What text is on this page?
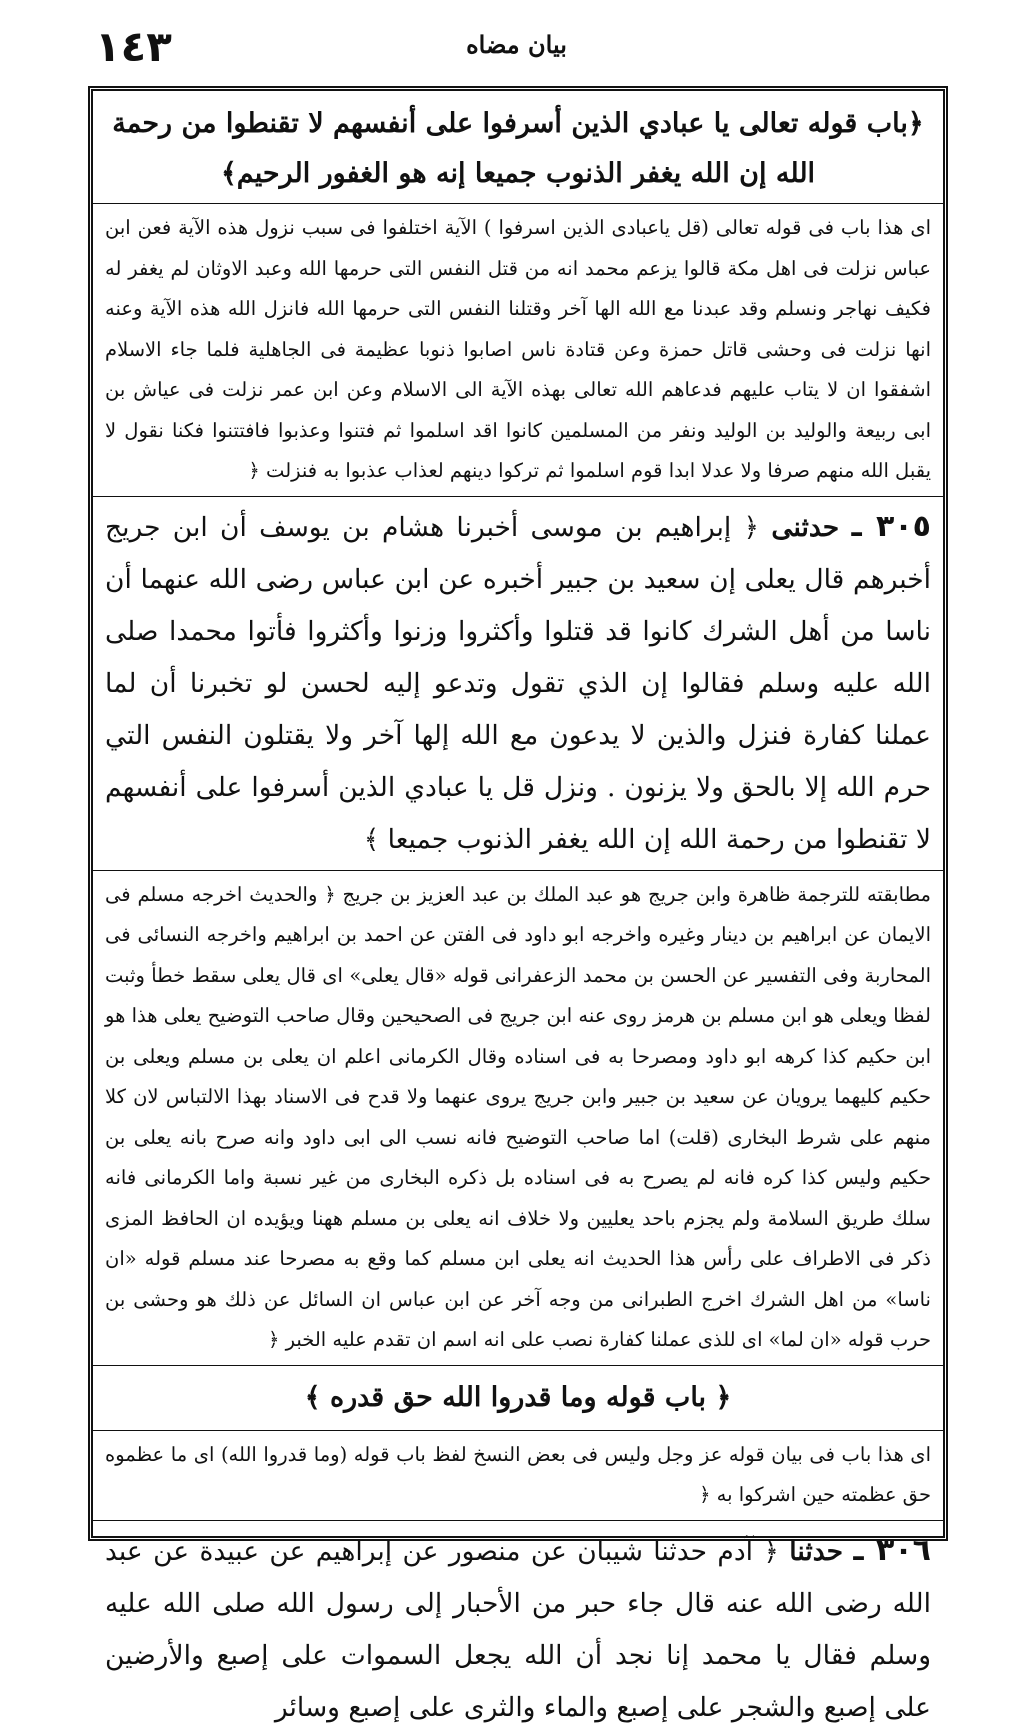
١٤٣	بيان مضاه

﴿باب قوله تعالى يا عبادي الذين أسرفوا على أنفسهم لا تقنطوا من رحمة الله إن الله يغفر الذنوب جميعا إنه هو الغفور الرحيم﴾

اى هذا باب فى قوله تعالى (قل ياعبادى الذين اسرفوا ) الآية اختلفوا فى سبب نزول هذه الآية فعن ابن عباس نزلت فى اهل مكة قالوا يزعم محمد انه من قتل النفس التى حرمها الله وعبد الاوثان لم يغفر له فكيف نهاجر ونسلم وقد عبدنا مع الله الها آخر وقتلنا النفس التى حرمها الله فانزل الله هذه الآية وعنه انها نزلت فى وحشى قاتل حمزة وعن قتادة ناس اصابوا ذنوبا عظيمة فى الجاهلية فلما جاء الاسلام اشفقوا ان لا يتاب عليهم فدعاهم الله تعالى بهذه الآية الى الاسلام وعن ابن عمر نزلت فى عياش بن ابى ربيعة والوليد بن الوليد ونفر من المسلمين كانوا اقد اسلموا ثم فتنوا وعذبوا فافتتنوا فكنا نقول لا يقبل الله منهم صرفا ولا عدلا ابدا قوم اسلموا ثم تركوا دينهم لعذاب عذبوا به فنزلت ﴿

٣٠٥ ـ حدثنى ﴿ إبراهيم بن موسى أخبرنا هشام بن يوسف أن ابن جريج أخبرهم قال يعلى إن سعيد بن جبير أخبره عن ابن عباس رضى الله عنهما أن ناسا من أهل الشرك كانوا قد قتلوا وأكثروا وزنوا وأكثروا فأتوا محمدا صلى الله عليه وسلم فقالوا إن الذي تقول وتدعو إليه لحسن لو تخبرنا أن لما عملنا كفارة فنزل والذين لا يدعون مع الله إلها آخر ولا يقتلون النفس التي حرم الله إلا بالحق ولا يزنون . ونزل قل يا عبادي الذين أسرفوا على أنفسهم لا تقنطوا من رحمة الله إن الله يغفر الذنوب جميعا ﴾

مطابقته للترجمة ظاهرة وابن جريج هو عبد الملك بن عبد العزيز بن جريج ﴿ والحديث اخرجه مسلم فى الايمان عن ابراهيم بن دينار وغيره واخرجه ابو داود فى الفتن عن احمد بن ابراهيم واخرجه النسائى فى المحاربة وفى التفسير عن الحسن بن محمد الزعفرانى قوله «قال يعلى» اى قال يعلى سقط خطأ وثبت لفظا ويعلى هو ابن مسلم بن هرمز روى عنه ابن جريج فى الصحيحين وقال صاحب التوضيح يعلى هذا هو ابن حكيم كذا كرهه ابو داود ومصرحا به فى اسناده وقال الكرمانى اعلم ان يعلى بن مسلم ويعلى بن حكيم كليهما يرويان عن سعيد بن جبير وابن جريج يروى عنهما ولا قدح فى الاسناد بهذا الالتباس لان كلا منهم على شرط البخارى (قلت) اما صاحب التوضيح فانه نسب الى ابى داود وانه صرح بانه يعلى بن حكيم وليس كذا كره فانه لم يصرح به فى اسناده بل ذكره البخارى من غير نسبة واما الكرمانى فانه سلك طريق السلامة ولم يجزم باحد يعليين ولا خلاف انه يعلى بن مسلم ههنا ويؤيده ان الحافظ المزى ذكر فى الاطراف على رأس هذا الحديث انه يعلى ابن مسلم كما وقع به مصرحا عند مسلم قوله «ان ناسا» من اهل الشرك اخرج الطبرانى من وجه آخر عن ابن عباس ان السائل عن ذلك هو وحشى بن حرب قوله «ان لما» اى للذى عملنا كفارة نصب على انه اسم ان تقدم عليه الخبر ﴿

﴿ باب قوله وما قدروا الله حق قدره ﴾

اى هذا باب فى بيان قوله عز وجل وليس فى بعض النسخ لفظ باب قوله (وما قدروا الله) اى ما عظموه حق عظمته حين اشركوا به ﴿

٣٠٦ ـ حدثنا ﴿ آدم حدثنا شيبان عن منصور عن إبراهيم عن عبيدة عن عبد الله رضى الله عنه قال جاء حبر من الأحبار إلى رسول الله صلى الله عليه وسلم فقال يا محمد إنا نجد أن الله يجعل السموات على إصبع والأرضين على إصبع والشجر على إصبع والماء والثرى على إصبع وسائر
